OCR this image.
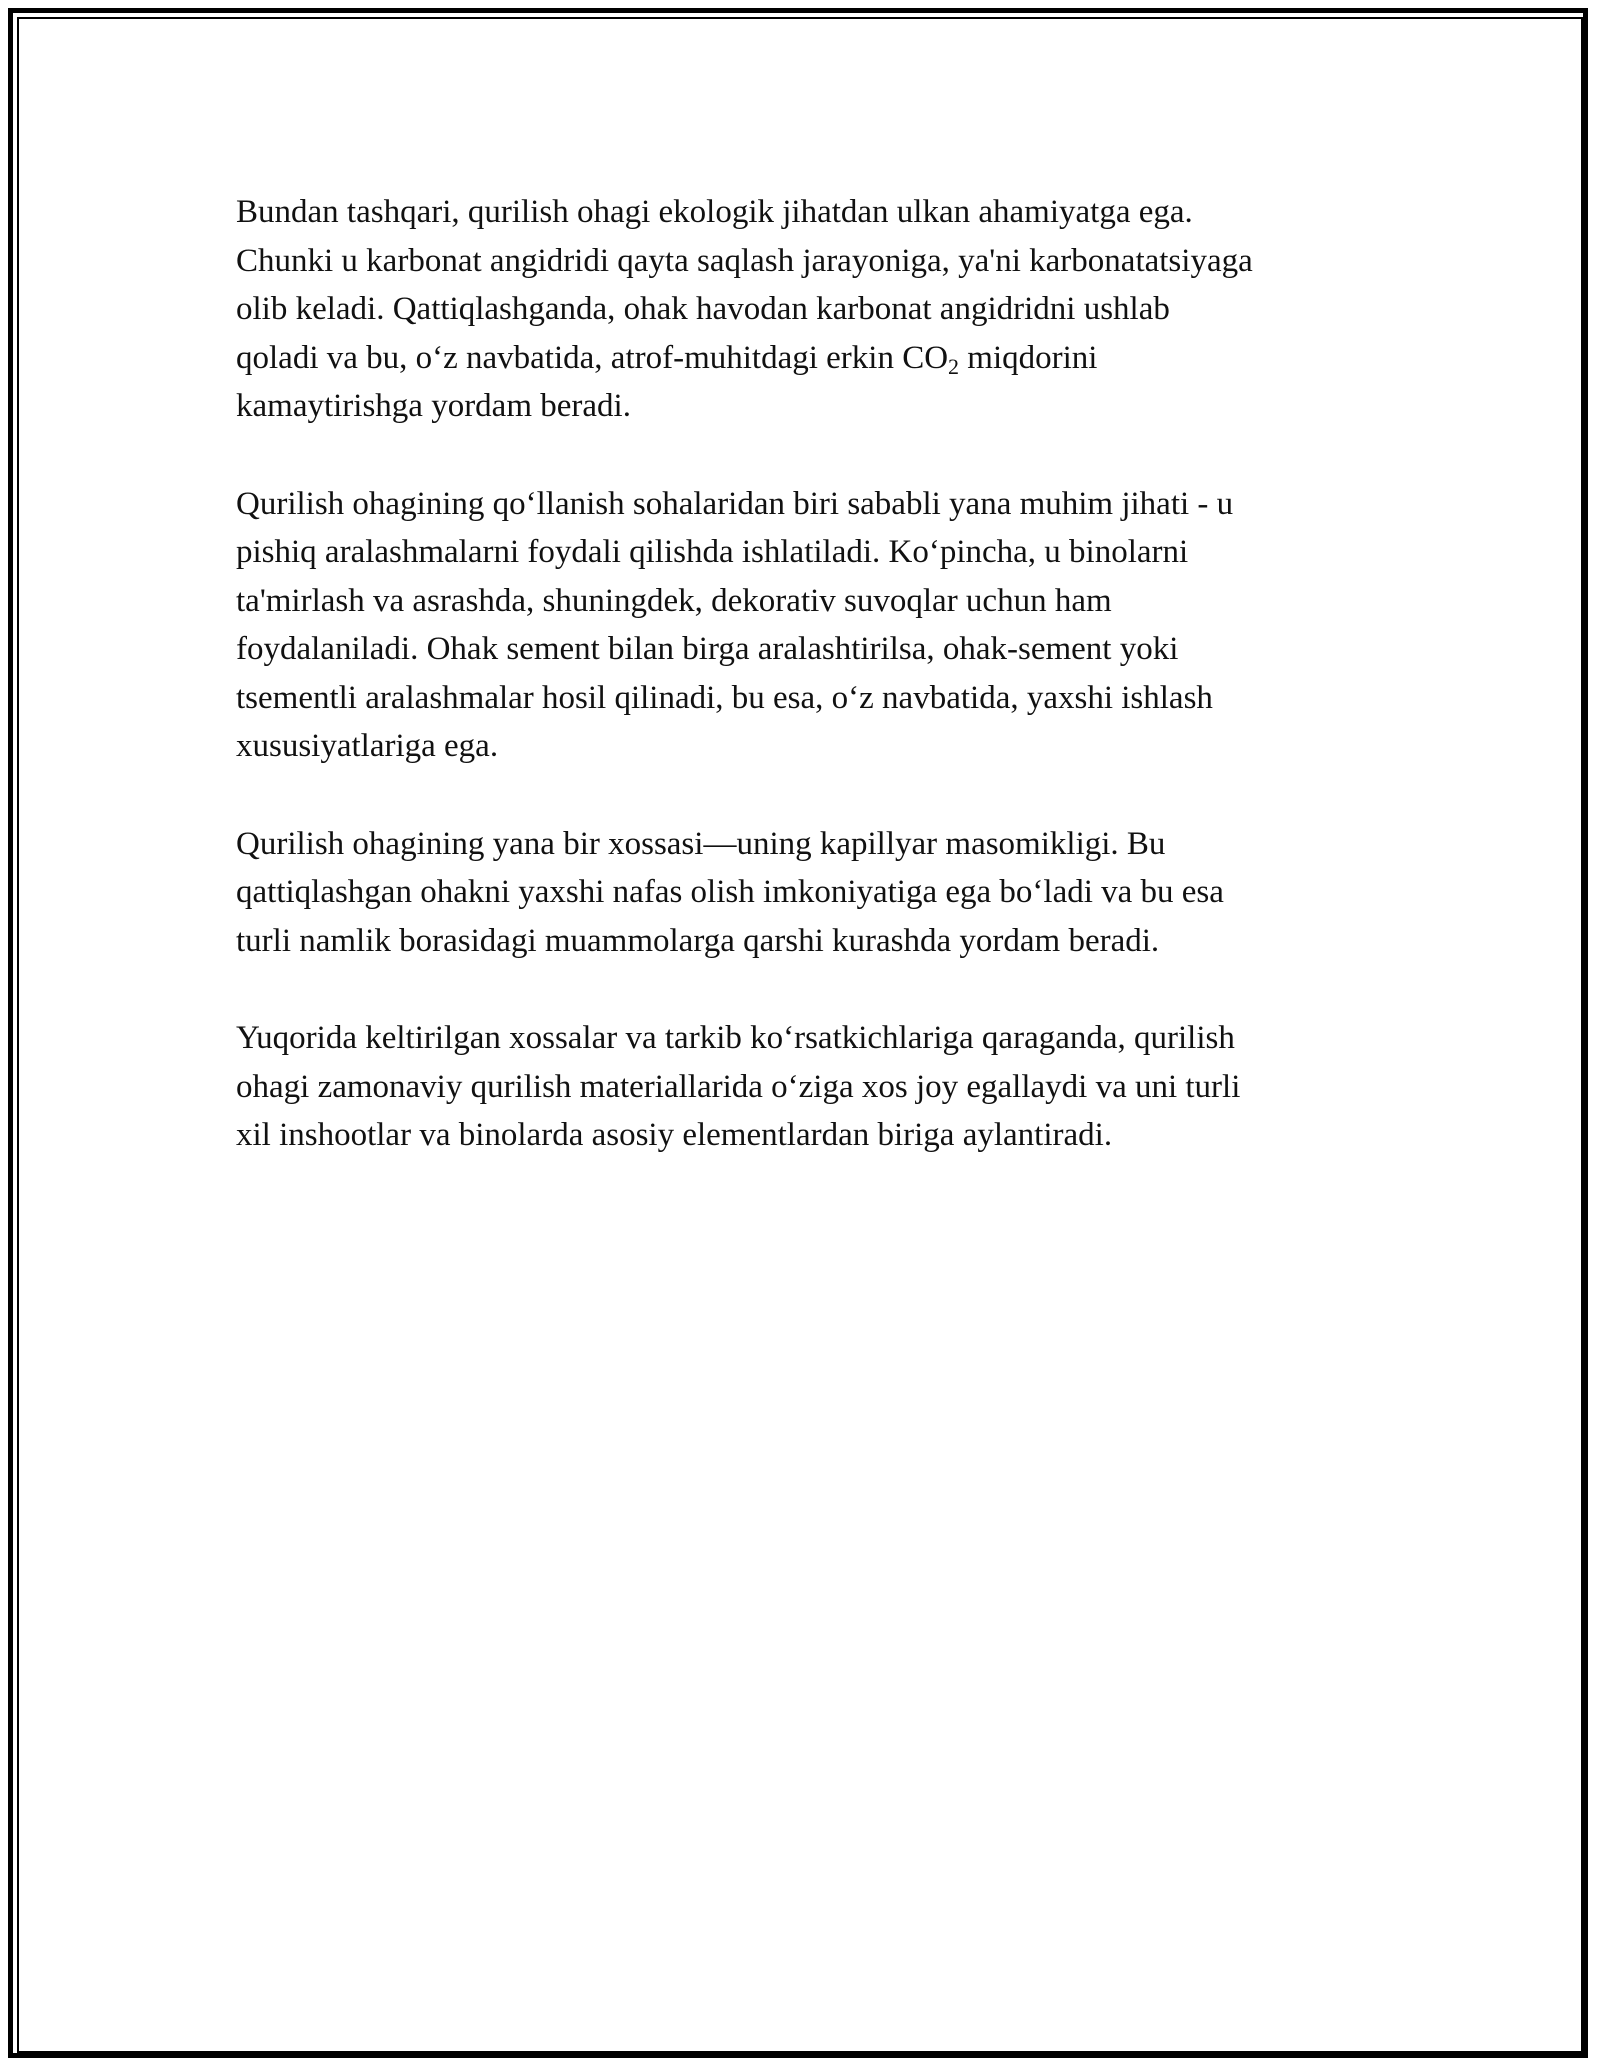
Bundan tashqari, qurilish ohagi ekologik jihatdan ulkan ahamiyatga ega.
Chunki u karbonat angidridi qayta saqlash jarayoniga, ya'ni karbonatatsiyaga
olib keladi. Qattiqlashganda, ohak havodan karbonat angidridni ushlab
qoladi va bu, o‘z navbatida, atrof-muhitdagi erkin $CO_2$ miqdorini
kamaytirishga yordam beradi.
Qurilish ohagining qo‘llanish sohalaridan biri sababli yana muhim jihati - u
pishiq aralashmalarni foydali qilishda ishlatiladi. Ko‘pincha, u binolarni
ta'mirlash va asrashda, shuningdek, dekorativ suvoqlar uchun ham
foydalaniladi. Ohak sement bilan birga aralashtirilsa, ohak-sement yoki
tsementli aralashmalar hosil qilinadi, bu esa, o‘z navbatida, yaxshi ishlash
xususiyatlariga ega.
Qurilish ohagining yana bir xossasi—uning kapillyar masomikligi. Bu
qattiqlashgan ohakni yaxshi nafas olish imkoniyatiga ega bo‘ladi va bu esa
turli namlik borasidagi muammolarga qarshi kurashda yordam beradi.
Yuqorida keltirilgan xossalar va tarkib ko‘rsatkichlariga qaraganda, qurilish
ohagi zamonaviy qurilish materiallarida o‘ziga xos joy egallaydi va uni turli
xil inshootlar va binolarda asosiy elementlardan biriga aylantiradi.
